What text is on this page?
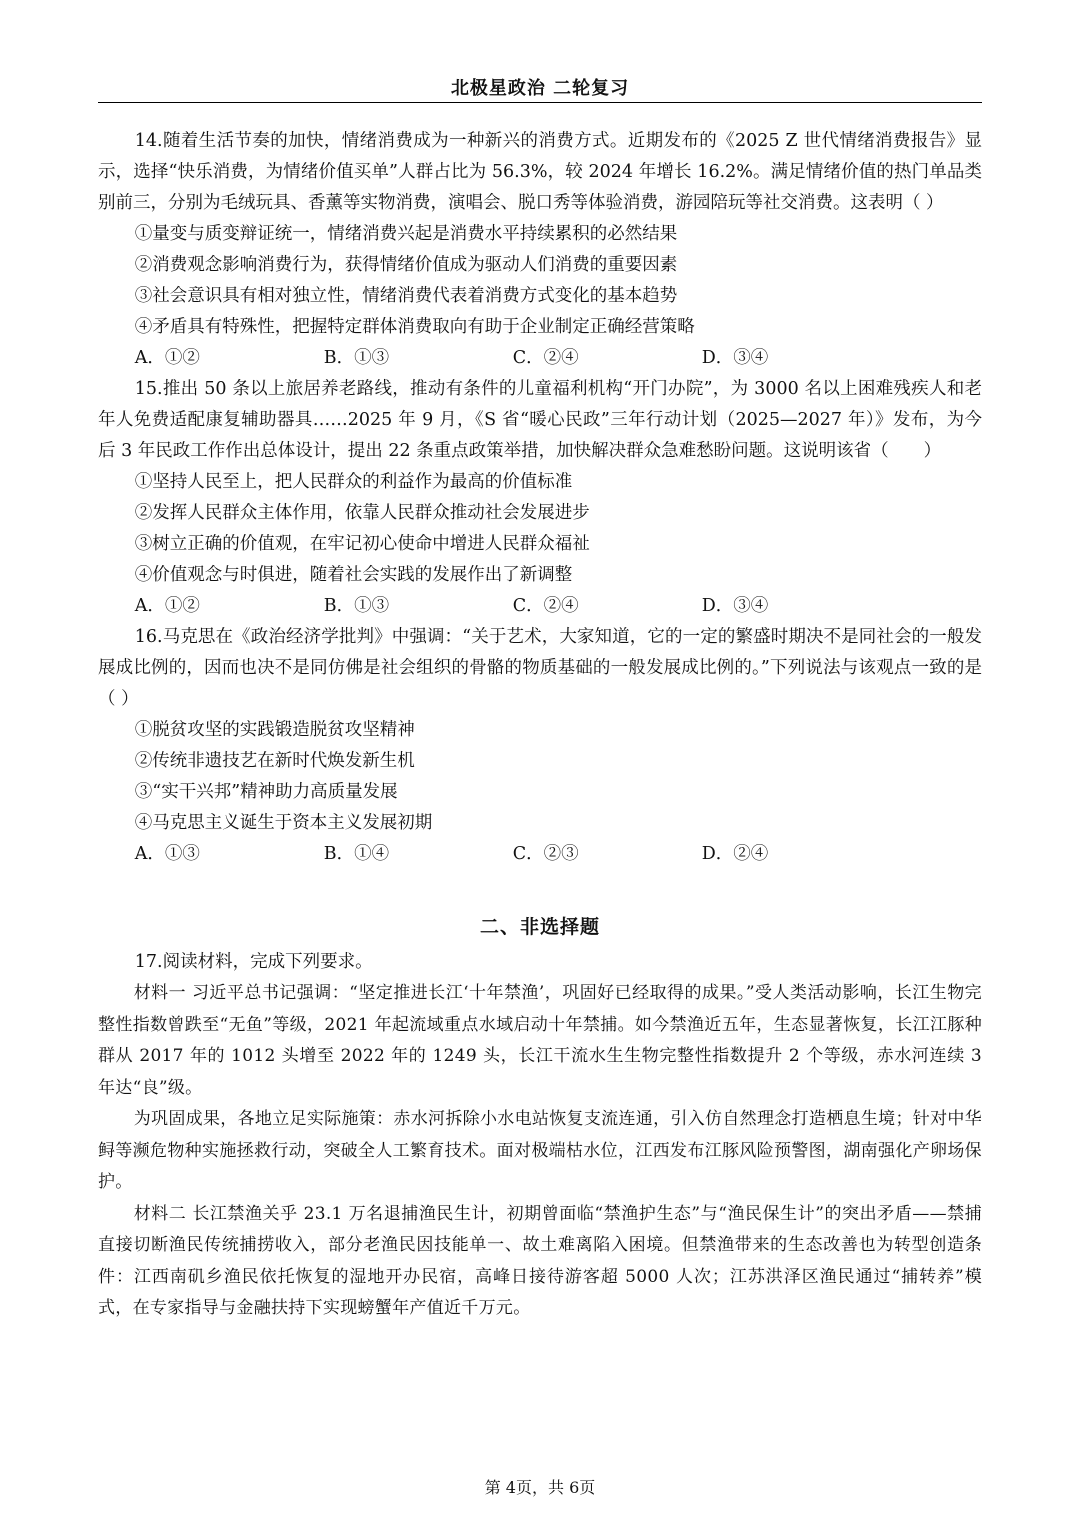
北极星政治 二轮复习

14.随着生活节奏的加快，情绪消费成为一种新兴的消费方式。近期发布的《2025 Z 世代情绪消费报告》显示，选择“快乐消费，为情绪价值买单”人群占比为 56.3%，较 2024 年增长 16.2%。满足情绪价值的热门单品类别前三，分别为毛绒玩具、香薰等实物消费，演唱会、脱口秀等体验消费，游园陪玩等社交消费。这表明（ ）

①量变与质变辩证统一，情绪消费兴起是消费水平持续累积的必然结果

②消费观念影响消费行为，获得情绪价值成为驱动人们消费的重要因素

③社会意识具有相对独立性，情绪消费代表着消费方式变化的基本趋势

④矛盾具有特殊性，把握特定群体消费取向有助于企业制定正确经营策略

A．①②	B．①③	C．②④	D．③④

15.推出 50 条以上旅居养老路线，推动有条件的儿童福利机构“开门办院”，为 3000 名以上困难残疾人和老年人免费适配康复辅助器具……2025 年 9 月，《S 省“暖心民政”三年行动计划（2025—2027 年）》发布，为今后 3 年民政工作作出总体设计，提出 22 条重点政策举措，加快解决群众急难愁盼问题。这说明该省（　　）

①坚持人民至上，把人民群众的利益作为最高的价值标准

②发挥人民群众主体作用，依靠人民群众推动社会发展进步

③树立正确的价值观，在牢记初心使命中增进人民群众福祉

④价值观念与时俱进，随着社会实践的发展作出了新调整

A．①②	B．①③	C．②④	D．③④

16.马克思在《政治经济学批判》中强调：“关于艺术，大家知道，它的一定的繁盛时期决不是同社会的一般发展成比例的，因而也决不是同仿佛是社会组织的骨骼的物质基础的一般发展成比例的。”下列说法与该观点一致的是（ ）

①脱贫攻坚的实践锻造脱贫攻坚精神

②传统非遗技艺在新时代焕发新生机

③“实干兴邦”精神助力高质量发展

④马克思主义诞生于资本主义发展初期

A．①③	B．①④	C．②③	D．②④
二、非选择题

17.阅读材料，完成下列要求。

材料一 习近平总书记强调：“坚定推进长江‘十年禁渔’，巩固好已经取得的成果。”受人类活动影响，长江生物完整性指数曾跌至“无鱼”等级，2021 年起流域重点水域启动十年禁捕。如今禁渔近五年，生态显著恢复，长江江豚种群从 2017 年的 1012 头增至 2022 年的 1249 头，长江干流水生生物完整性指数提升 2 个等级，赤水河连续 3 年达“良”级。

为巩固成果，各地立足实际施策：赤水河拆除小水电站恢复支流连通，引入仿自然理念打造栖息生境；针对中华鲟等濒危物种实施拯救行动，突破全人工繁育技术。面对极端枯水位，江西发布江豚风险预警图，湖南强化产卵场保护。

材料二 长江禁渔关乎 23.1 万名退捕渔民生计，初期曾面临“禁渔护生态”与“渔民保生计”的突出矛盾——禁捕直接切断渔民传统捕捞收入，部分老渔民因技能单一、故土难离陷入困境。但禁渔带来的生态改善也为转型创造条件：江西南矶乡渔民依托恢复的湿地开办民宿，高峰日接待游客超 5000 人次；江苏洪泽区渔民通过“捕转养”模式，在专家指导与金融扶持下实现螃蟹年产值近千万元。

第 4页，共 6页
